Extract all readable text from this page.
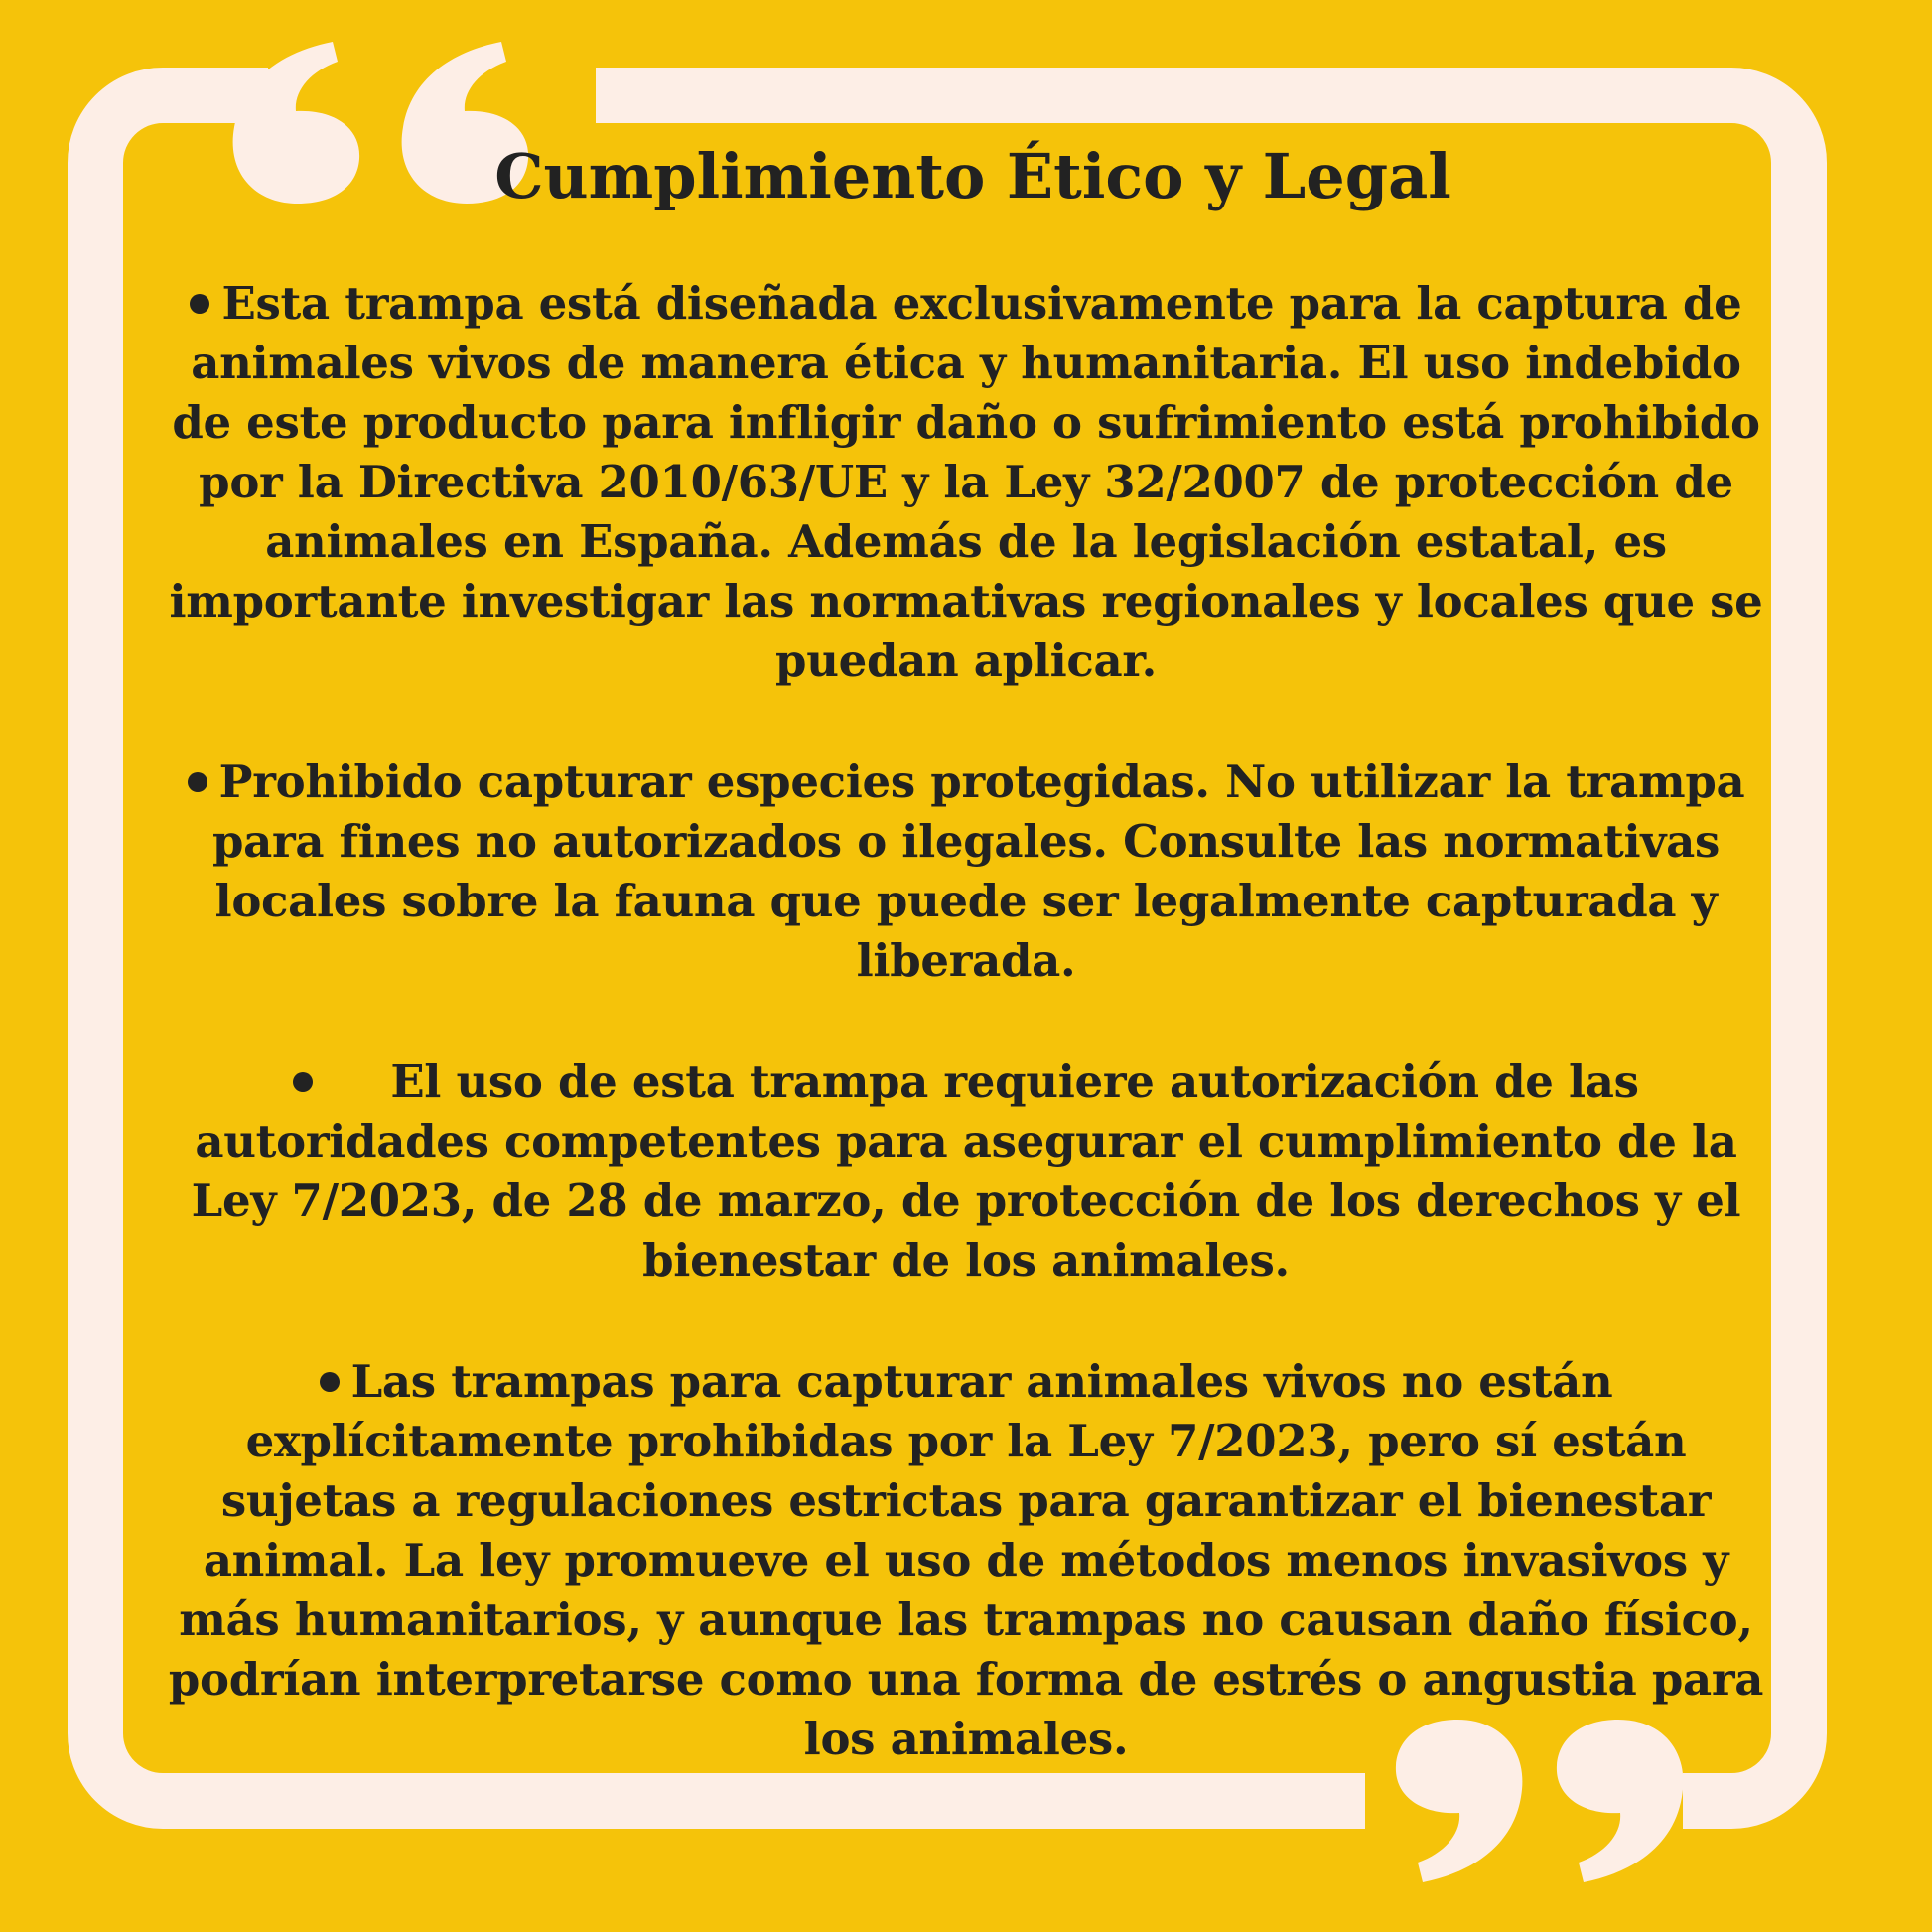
Cumplimiento Ético y Legal
Esta trampa está diseñada exclusivamente para la captura de animales vivos de manera ética y humanitaria. El uso indebido de este producto para infligir daño o sufrimiento está prohibido por la Directiva 2010/63/UE y la Ley 32/2007 de protección de animales en España. Además de la legislación estatal, es importante investigar las normativas regionales y locales que se puedan aplicar.
Prohibido capturar especies protegidas. No utilizar la trampa para fines no autorizados o ilegales. Consulte las normativas locales sobre la fauna que puede ser legalmente capturada y liberada.
El uso de esta trampa requiere autorización de las autoridades competentes para asegurar el cumplimiento de la Ley 7/2023, de 28 de marzo, de protección de los derechos y el bienestar de los animales.
Las trampas para capturar animales vivos no están explícitamente prohibidas por la Ley 7/2023, pero sí están sujetas a regulaciones estrictas para garantizar el bienestar animal. La ley promueve el uso de métodos menos invasivos y más humanitarios, y aunque las trampas no causan daño físico, podrían interpretarse como una forma de estrés o angustia para los animales.
